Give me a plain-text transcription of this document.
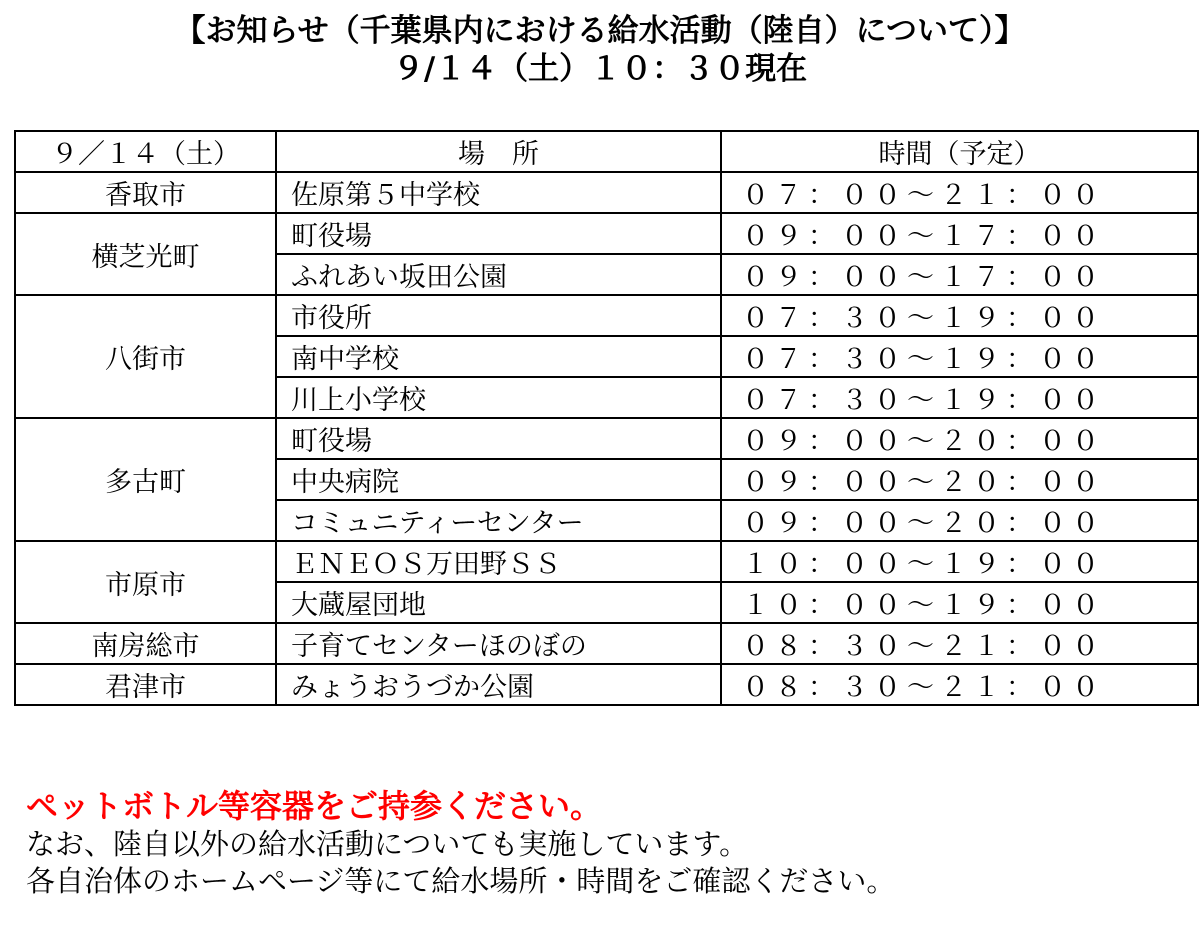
【お知らせ（千葉県内における給水活動（陸自）について）】
９/１４（土）１０：３０現在
９／１４（土）	場　所	時間（予定）
香取市	佐原第５中学校	０７：００～２１：００
横芝光町	町役場	０９：００～１７：００
	ふれあい坂田公園	０９：００～１７：００
八街市	市役所	０７：３０～１９：００
	南中学校	０７：３０～１９：００
	川上小学校	０７：３０～１９：００
多古町	町役場	０９：００～２０：００
	中央病院	０９：００～２０：００
	コミュニティーセンター	０９：００～２０：００
市原市	ＥＮＥＯＳ万田野ＳＳ	１０：００～１９：００
	大蔵屋団地	１０：００～１９：００
南房総市	子育てセンターほのぼの	０８：３０～２１：００
君津市	みょうおうづか公園	０８：３０～２１：００
ペットボトル等容器をご持参ください。
なお、陸自以外の給水活動についても実施しています。
各自治体のホームページ等にて給水場所・時間をご確認ください。
